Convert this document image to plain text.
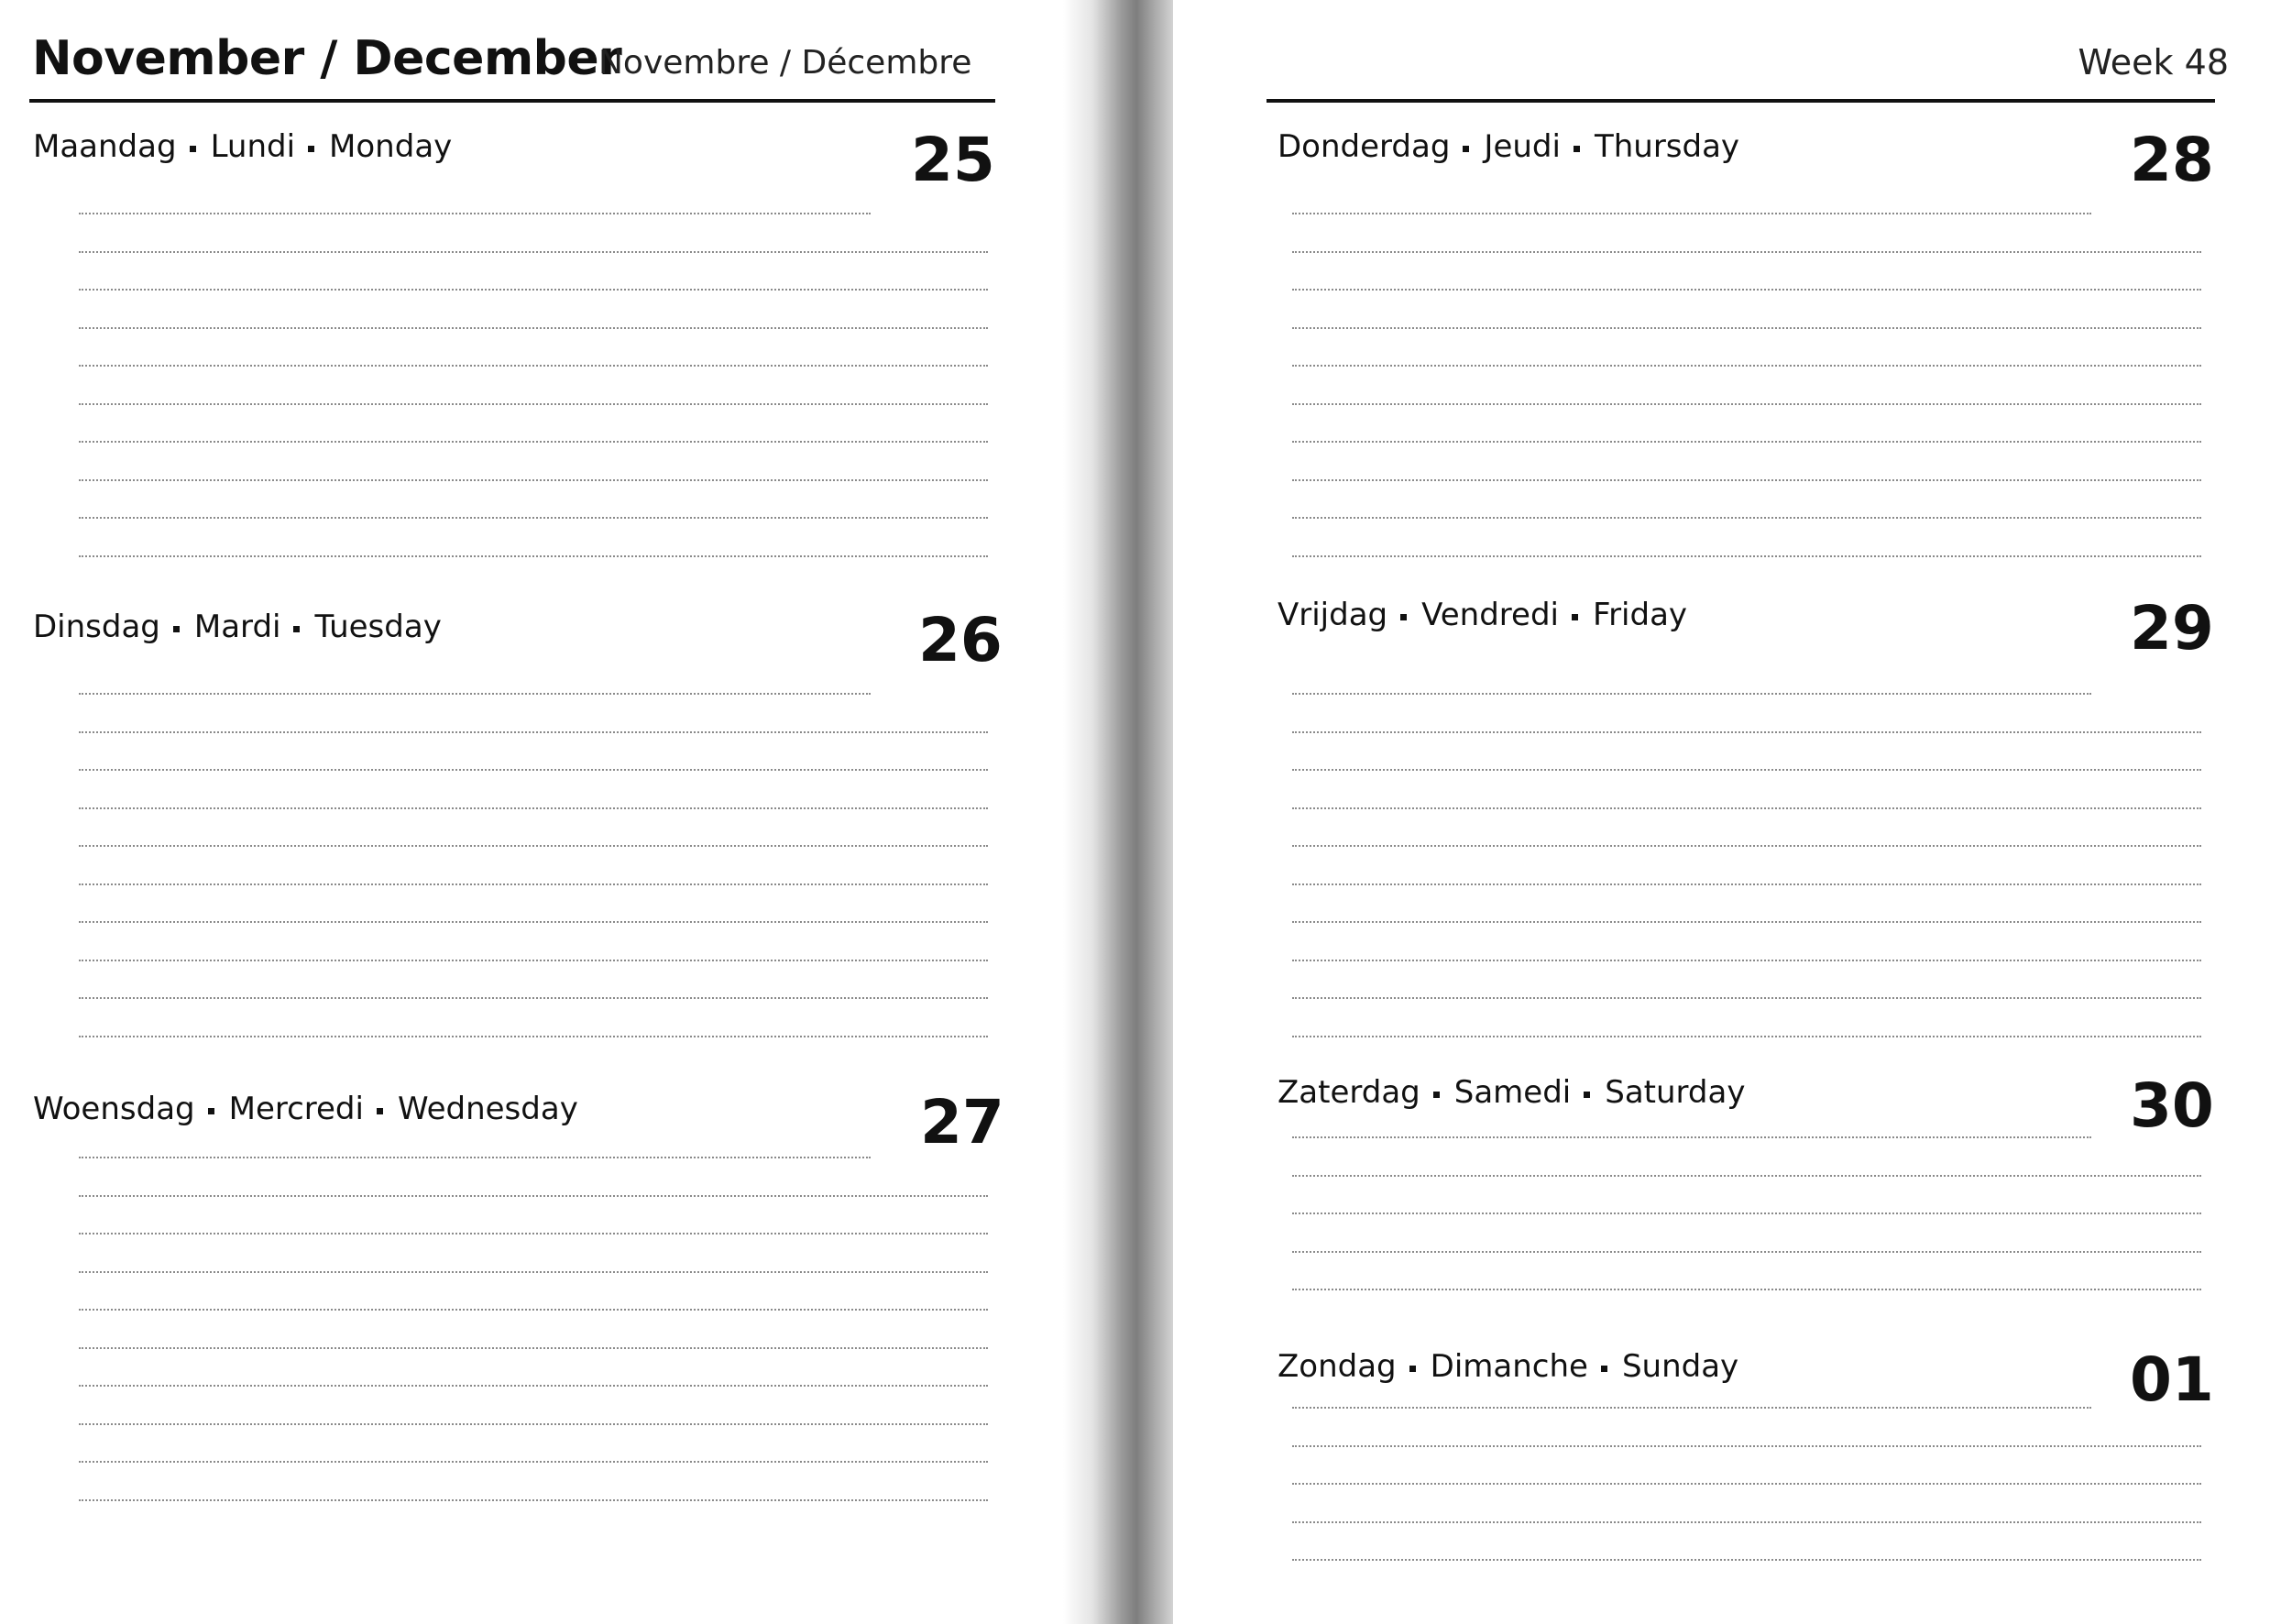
November / December
Novembre / Décembre
Maandag Lundi Monday	25
Dinsdag Mardi Tuesday	26
Woensdag Mercredi Wednesday	27
Week 48
Donderdag Jeudi Thursday	28
Vrijdag Vendredi Friday	29
Zaterdag Samedi Saturday	30
Zondag Dimanche Sunday	01
